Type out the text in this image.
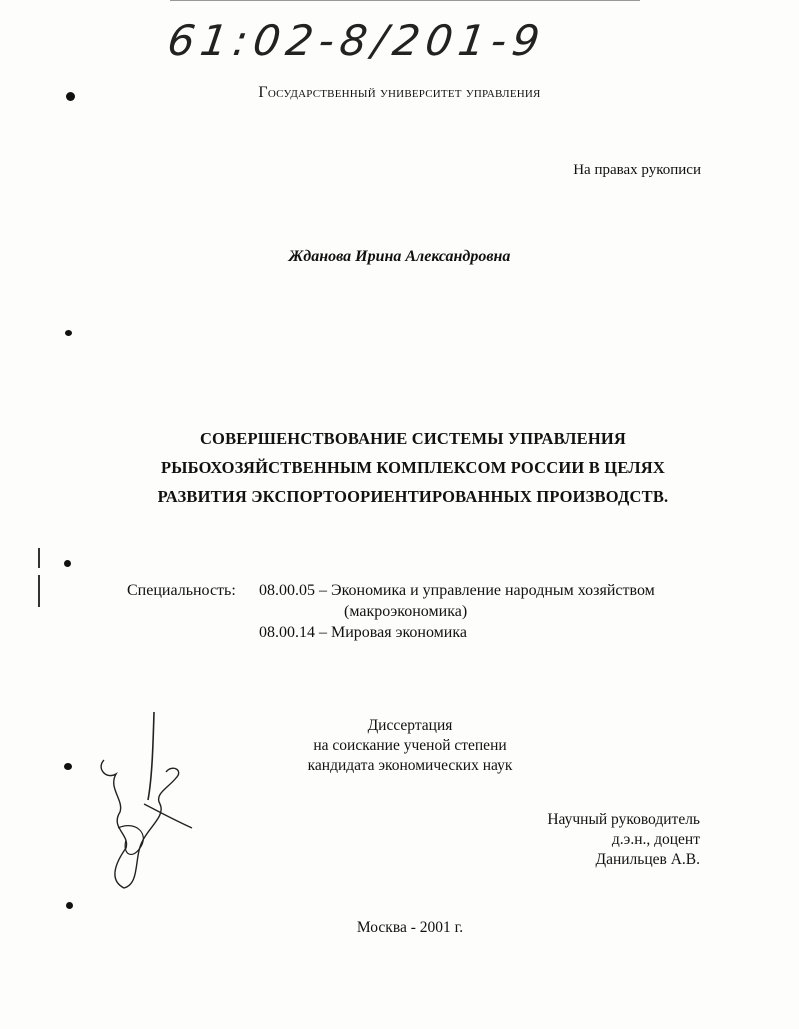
61:02-8/201-9
Государственный университет управления
На правах рукописи
Жданова Ирина Александровна
СОВЕРШЕНСТВОВАНИЕ СИСТЕМЫ УПРАВЛЕНИЯ
РЫБОХОЗЯЙСТВЕННЫМ КОМПЛЕКСОМ РОССИИ В ЦЕЛЯХ
РАЗВИТИЯ ЭКСПОРТООРИЕНТИРОВАННЫХ ПРОИЗВОДСТВ.
Специальность: 08.00.05 – Экономика и управление народным хозяйством
(макроэкономика)
08.00.14 – Мировая экономика
Диссертация
на соискание ученой степени
кандидата экономических наук
Научный руководитель
д.э.н., доцент
Данильцев А.В.
Москва - 2001 г.
